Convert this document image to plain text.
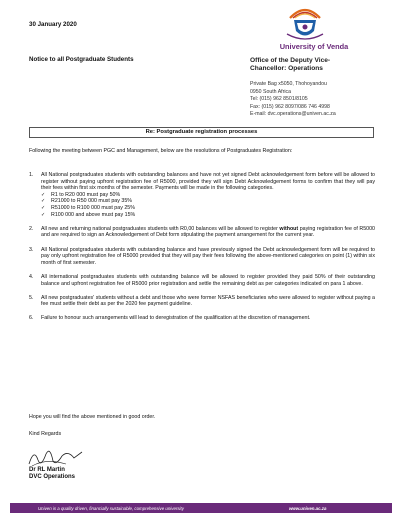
30 January 2020
Notice to all Postgraduate Students
University of Venda
Office of the Deputy Vice-
Chancellor: Operations
Private Bag x5050, Thohoyandou
0950 South Africa
Tel: (015) 962 8501/8105
Fax: (015) 962 8097/086 746 4998
E-mail: dvc.operations@univen.ac.za
Re: Postgraduate registration processes
Following the meeting between PGC and Management, below are the resolutions of Postgraduates Registration:
1.	All National postgraduates students with outstanding balances and have not yet signed Debt acknowledgement form before will be allowed to register without paying upfront registration fee of R5000, provided they will sign Debt Acknowledgement forms to confirm that they will pay their fees within first six months of the semester. Payments will be made in the following categories.
✓	R1 to R20 000 must pay 50%
✓	R21000 to R50 000 must pay 35%
✓	R51000 to R100 000 must pay 25%
✓	R100 000 and above must pay 15%
2.	All new and returning national postgraduates students with R0,00 balances will be allowed to register without paying registration fee of R5000 and are required to sign an Acknowledgement of Debt form stipulating the payment arrangement for the current year.
3.	All National postgraduates students with outstanding balance and have previously signed the Debt acknowledgement form will be required to pay only upfront registration fee of R5000 provided that they will pay their fees following the above-mentioned categories on point (1) within six month of first semester.
4.	All international postgraduates students with outstanding balance will be allowed to register provided they paid 50% of their outstanding balance and upfront registration fee of R5000 prior registration and settle the remaining debt as per categories indicated on para 1 above.
5.	All new postgraduates' students without a debt and those who were former NSFAS beneficiaries who were allowed to register without paying a fee must settle their debt as per the 2020 fee payment guideline.
6.	Failure to honour such arrangements will lead to deregistration of the qualification at the discretion of management.
Hope you will find the above mentioned in good order.
Kind Regards
Dr RL Martin
DVC Operations
Univen is a quality driven, financially sustainable, comprehensive university	www.univen.ac.za
